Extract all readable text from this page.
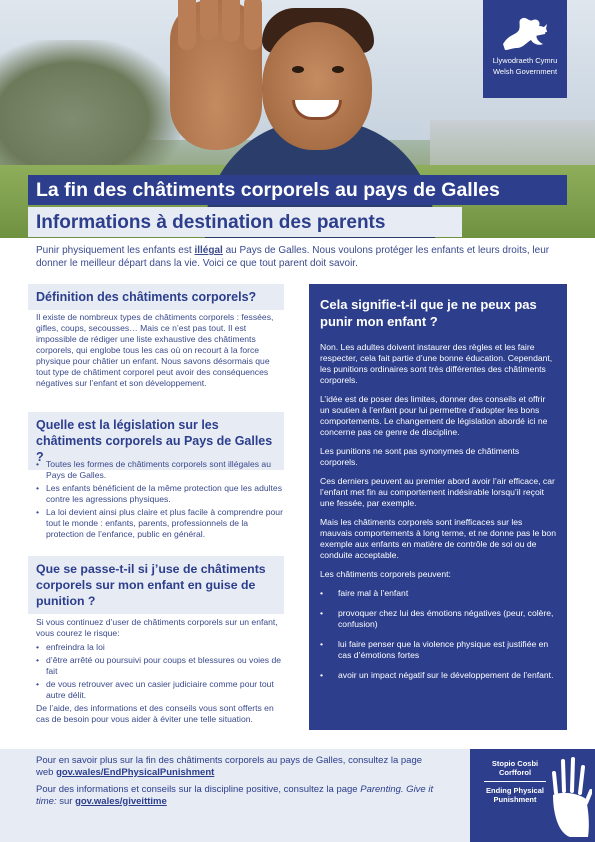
Llywodraeth Cymru
Welsh Government
La fin des châtiments corporels au pays de Galles
Informations à destination des parents
Punir physiquement les enfants est illégal au Pays de Galles. Nous voulons protéger les enfants et leurs droits, leur donner le meilleur départ dans la vie. Voici ce que tout parent doit savoir.
Définition des châtiments corporels?

Il existe de nombreux types de châtiments corporels : fessées, gifles, coups, secousses… Mais ce n’est pas tout. Il est impossible de rédiger une liste exhaustive des châtiments corporels, qui englobe tous les cas où on recourt à la force physique pour châtier un enfant. Nous savons désormais que tout type de châtiment corporel peut avoir des conséquences négatives sur l’enfant et son développement.

Quelle est la législation sur les châtiments corporels au Pays de Galles ?
• Toutes les formes de châtiments corporels sont illégales au Pays de Galles.
• Les enfants bénéficient de la même protection que les adultes contre les agressions physiques.
• La loi devient ainsi plus claire et plus facile à comprendre pour tout le monde : enfants, parents, professionnels de la protection de l’enfance, public en général.
Que se passe-t-il si j’use de châtiments corporels sur mon enfant en guise de punition ?

Si vous continuez d’user de châtiments corporels sur un enfant, vous courez le risque:

• enfreindra la loi
• d’être arrêté ou poursuivi pour coups et blessures ou voies de fait
• de vous retrouver avec un casier judiciaire comme pour tout autre délit.

De l’aide, des informations et des conseils vous sont offerts en cas de besoin pour vous aider à éviter une telle situation.

Cela signifie-t-il que je ne peux pas punir mon enfant ?

Non. Les adultes doivent instaurer des règles et les faire respecter, cela fait partie d’une bonne éducation. Cependant, les punitions ordinaires sont très différentes des châtiments corporels.

L’idée est de poser des limites, donner des conseils et offrir un soutien à l’enfant pour lui permettre d’adopter les bons comportements. Le changement de législation abordé ici ne concerne pas ce genre de discipline.

Les punitions ne sont pas synonymes de châtiments corporels.

Ces derniers peuvent au premier abord avoir l’air efficace, car l’enfant met fin au comportement indésirable lorsqu’il reçoit une fessée, par exemple.

Mais les châtiments corporels sont inefficaces sur les mauvais comportements à long terme, et ne donne pas le bon exemple aux enfants en matière de contrôle de soi ou de conduite acceptable.

Les châtiments corporels peuvent:

• faire mal à l’enfant
• provoquer chez lui des émotions négatives (peur, colère, confusion)
• lui faire penser que la violence physique est justifiée en cas d’émotions fortes
• avoir un impact négatif sur le développement de l’enfant.

Pour en savoir plus sur la fin des châtiments corporels au pays de Galles, consultez la page web gov.wales/EndPhysicalPunishment

Pour des informations et conseils sur la discipline positive, consultez la page Parenting. Give it time: sur gov.wales/giveittime

Stopio Cosbi
Corfforol
Ending Physical
Punishment
